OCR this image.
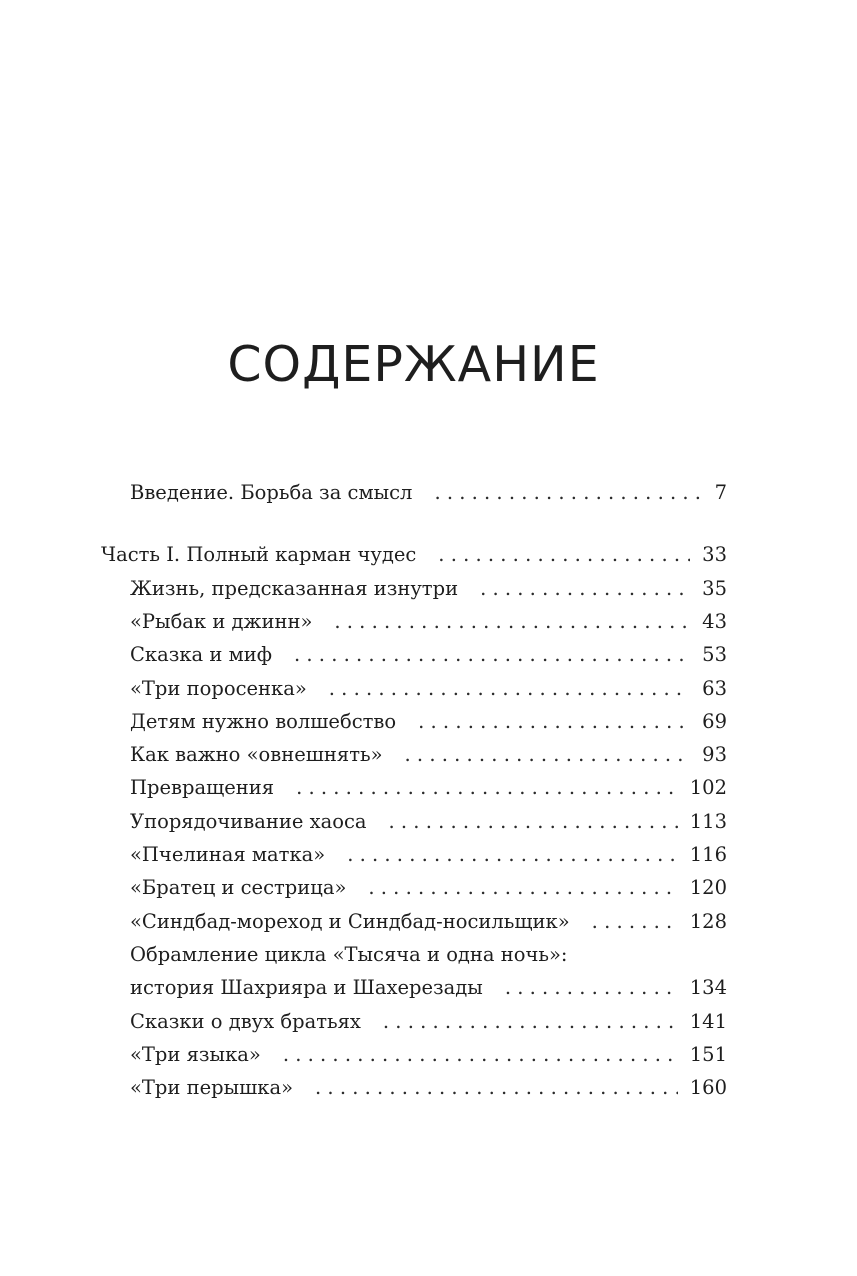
СОДЕРЖАНИЕ
Введение. Борьба за смысл . . .	7
Часть I. Полный карман чудес . . .	33
Жизнь, предсказанная изнутри . . .	35
«Рыбак и джинн» . . .	43
Сказка и миф . . .	53
«Три поросенка» . . .	63
Детям нужно волшебство . . .	69
Как важно «овнешнять» . . .	93
Превращения . . .	102
Упорядочивание хаоса . . .	113
«Пчелиная матка» . . .	116
«Братец и сестрица» . . .	120
«Синдбад-мореход и Синдбад-носильщик» . . .	128
Обрамление цикла «Тысяча и одна ночь»:
история Шахрияра и Шахерезады . . .	134
Сказки о двух братьях . . .	141
«Три языка» . . .	151
«Три перышка» . . .	160
